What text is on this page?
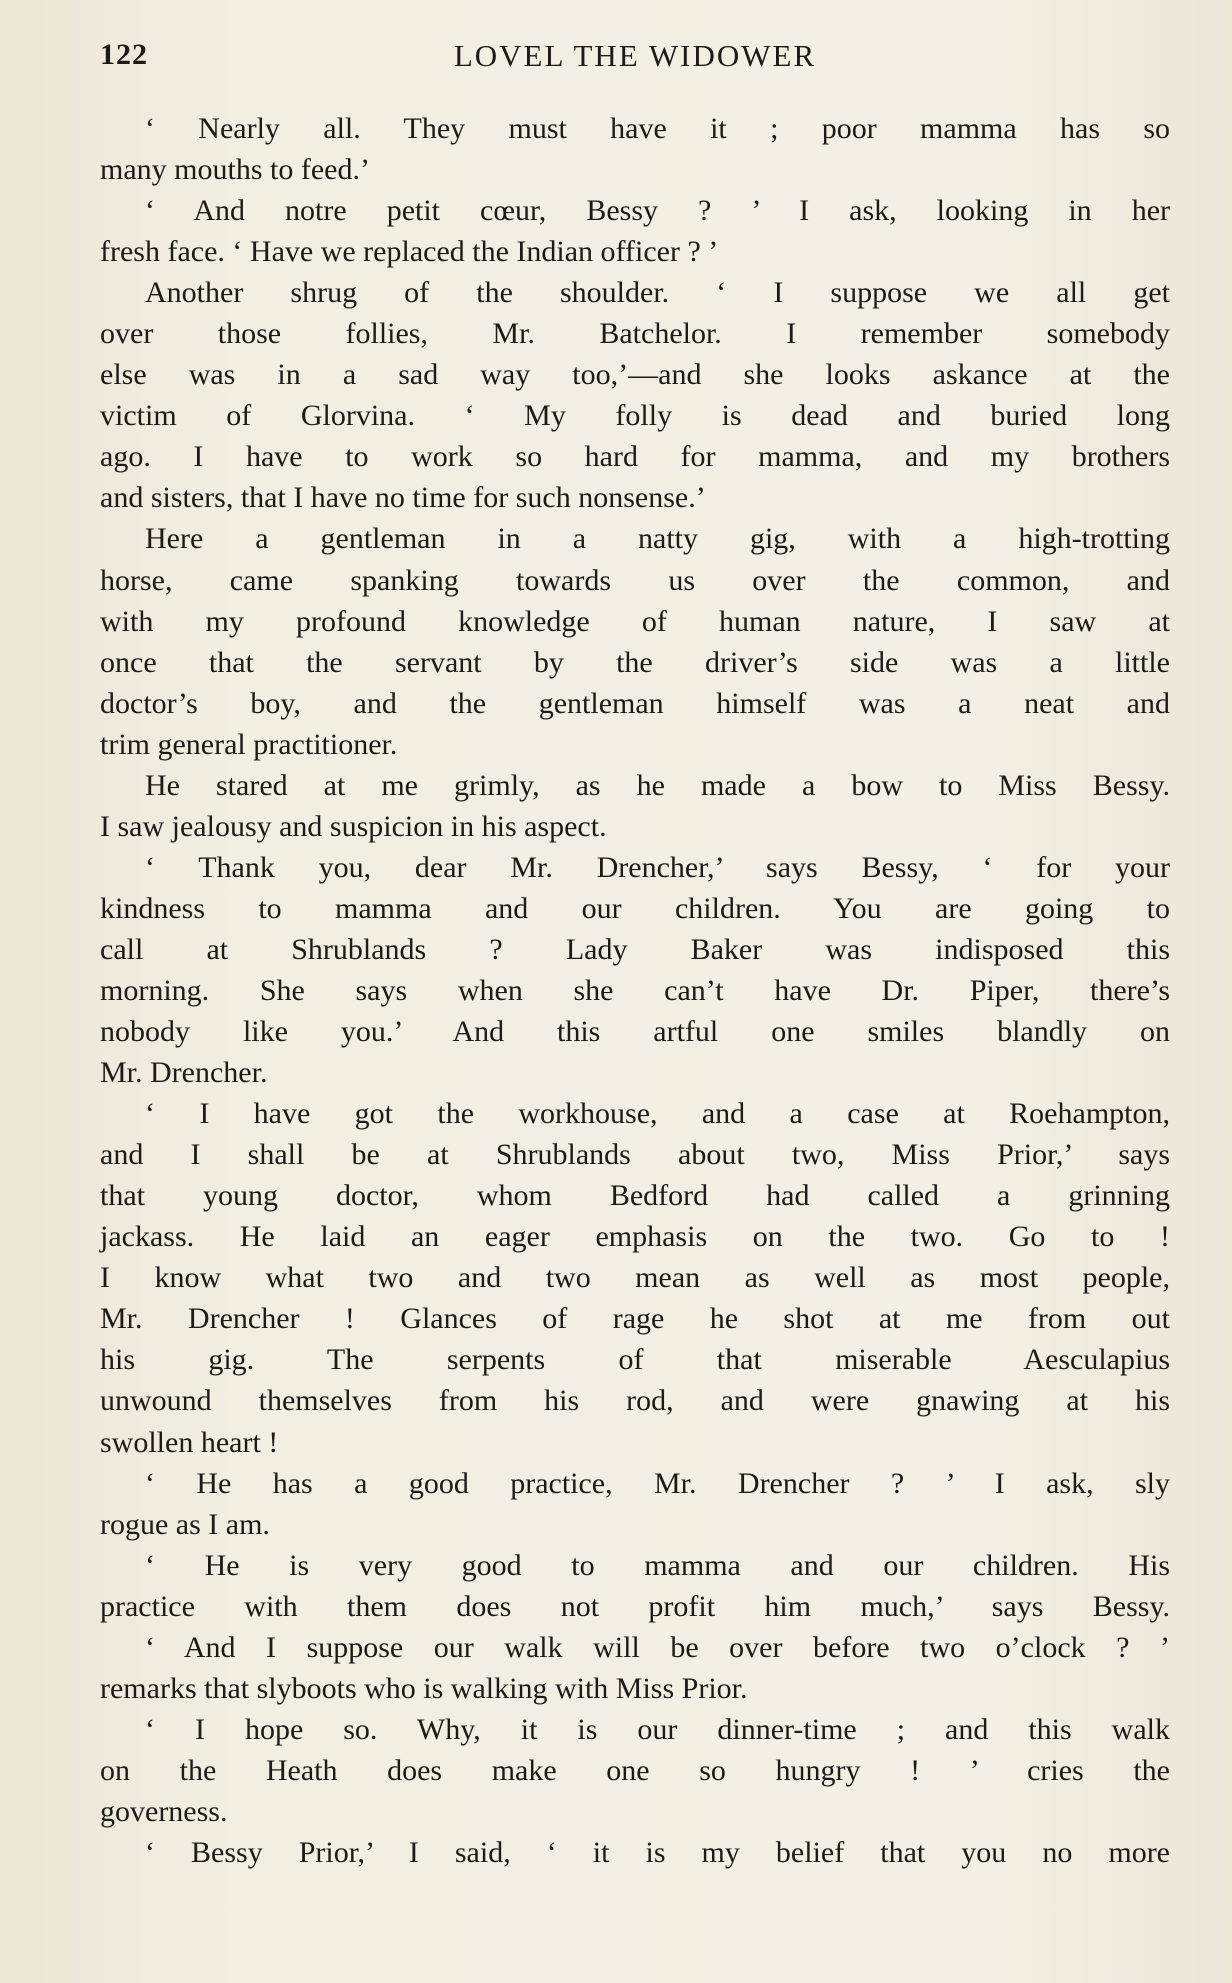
122	LOVEL THE WIDOWER
‘ Nearly all. They must have it ; poor mamma has so
many mouths to feed.’
‘ And notre petit cœur, Bessy ? ’ I ask, looking in her
fresh face. ‘ Have we replaced the Indian officer ? ’
Another shrug of the shoulder. ‘ I suppose we all get
over those follies, Mr. Batchelor. I remember somebody
else was in a sad way too,’—and she looks askance at the
victim of Glorvina. ‘ My folly is dead and buried long
ago. I have to work so hard for mamma, and my brothers
and sisters, that I have no time for such nonsense.’
Here a gentleman in a natty gig, with a high-trotting
horse, came spanking towards us over the common, and
with my profound knowledge of human nature, I saw at
once that the servant by the driver’s side was a little
doctor’s boy, and the gentleman himself was a neat and
trim general practitioner.
He stared at me grimly, as he made a bow to Miss Bessy.
I saw jealousy and suspicion in his aspect.
‘ Thank you, dear Mr. Drencher,’ says Bessy, ‘ for your
kindness to mamma and our children. You are going to
call at Shrublands ? Lady Baker was indisposed this
morning. She says when she can’t have Dr. Piper, there’s
nobody like you.’ And this artful one smiles blandly on
Mr. Drencher.
‘ I have got the workhouse, and a case at Roehampton,
and I shall be at Shrublands about two, Miss Prior,’ says
that young doctor, whom Bedford had called a grinning
jackass. He laid an eager emphasis on the two. Go to !
I know what two and two mean as well as most people,
Mr. Drencher ! Glances of rage he shot at me from out
his gig. The serpents of that miserable Aesculapius
unwound themselves from his rod, and were gnawing at his
swollen heart !
‘ He has a good practice, Mr. Drencher ? ’ I ask, sly
rogue as I am.
‘ He is very good to mamma and our children. His
practice with them does not profit him much,’ says Bessy.
‘ And I suppose our walk will be over before two o’clock ? ’
remarks that slyboots who is walking with Miss Prior.
‘ I hope so. Why, it is our dinner-time ; and this walk
on the Heath does make one so hungry ! ’ cries the
governess.
‘ Bessy Prior,’ I said, ‘ it is my belief that you no more
